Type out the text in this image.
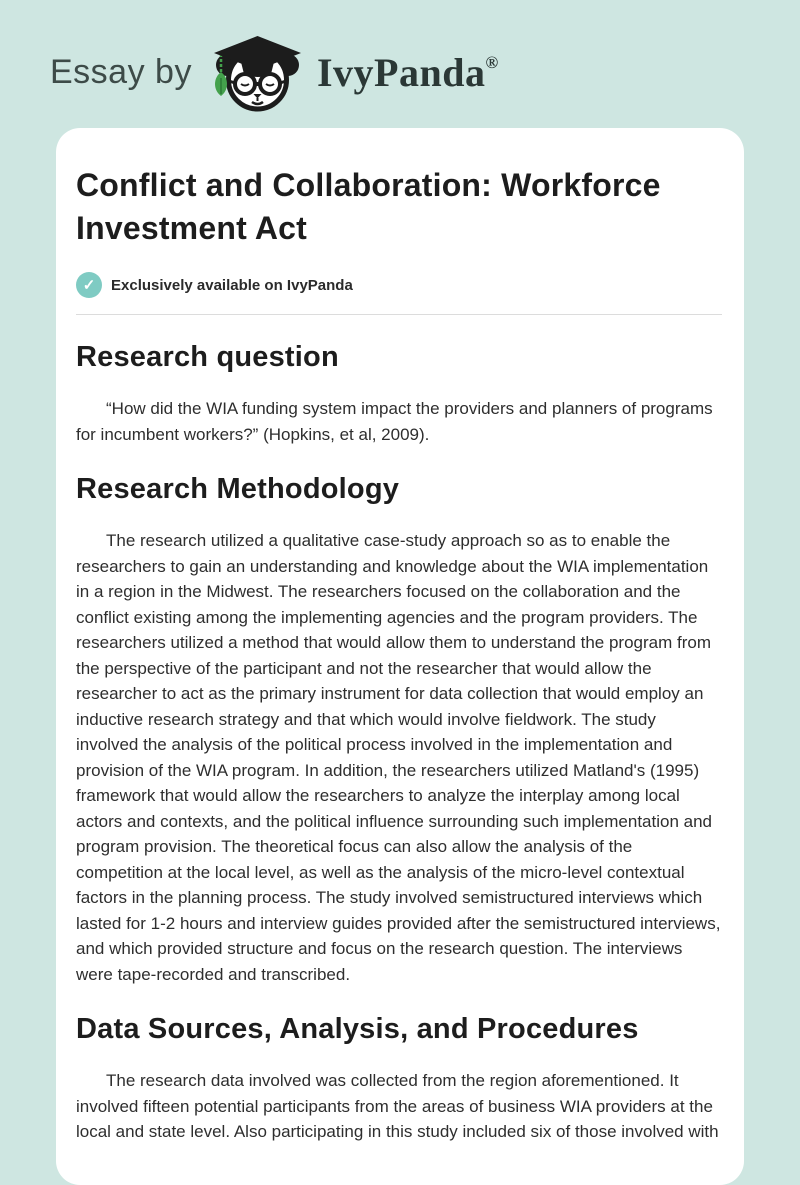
Essay by	IvyPanda®
Conflict and Collaboration: Workforce Investment Act
✓	Exclusively available on IvyPanda
Research question

“How did the WIA funding system impact the providers and planners of programs for incumbent workers?” (Hopkins, et al, 2009).

Research Methodology

The research utilized a qualitative case-study approach so as to enable the researchers to gain an understanding and knowledge about the WIA implementation in a region in the Midwest. The researchers focused on the collaboration and the conflict existing among the implementing agencies and the program providers. The researchers utilized a method that would allow them to understand the program from the perspective of the participant and not the researcher that would allow the researcher to act as the primary instrument for data collection that would employ an inductive research strategy and that which would involve fieldwork. The study involved the analysis of the political process involved in the implementation and provision of the WIA program. In addition, the researchers utilized Matland's (1995) framework that would allow the researchers to analyze the interplay among local actors and contexts, and the political influence surrounding such implementation and program provision. The theoretical focus can also allow the analysis of the competition at the local level, as well as the analysis of the micro-level contextual factors in the planning process. The study involved semistructured interviews which lasted for 1-2 hours and interview guides provided after the semistructured interviews, and which provided structure and focus on the research question. The interviews were tape-recorded and transcribed.

Data Sources, Analysis, and Procedures

The research data involved was collected from the region aforementioned. It involved fifteen potential participants from the areas of business WIA providers at the local and state level. Also participating in this study included six of those involved with
